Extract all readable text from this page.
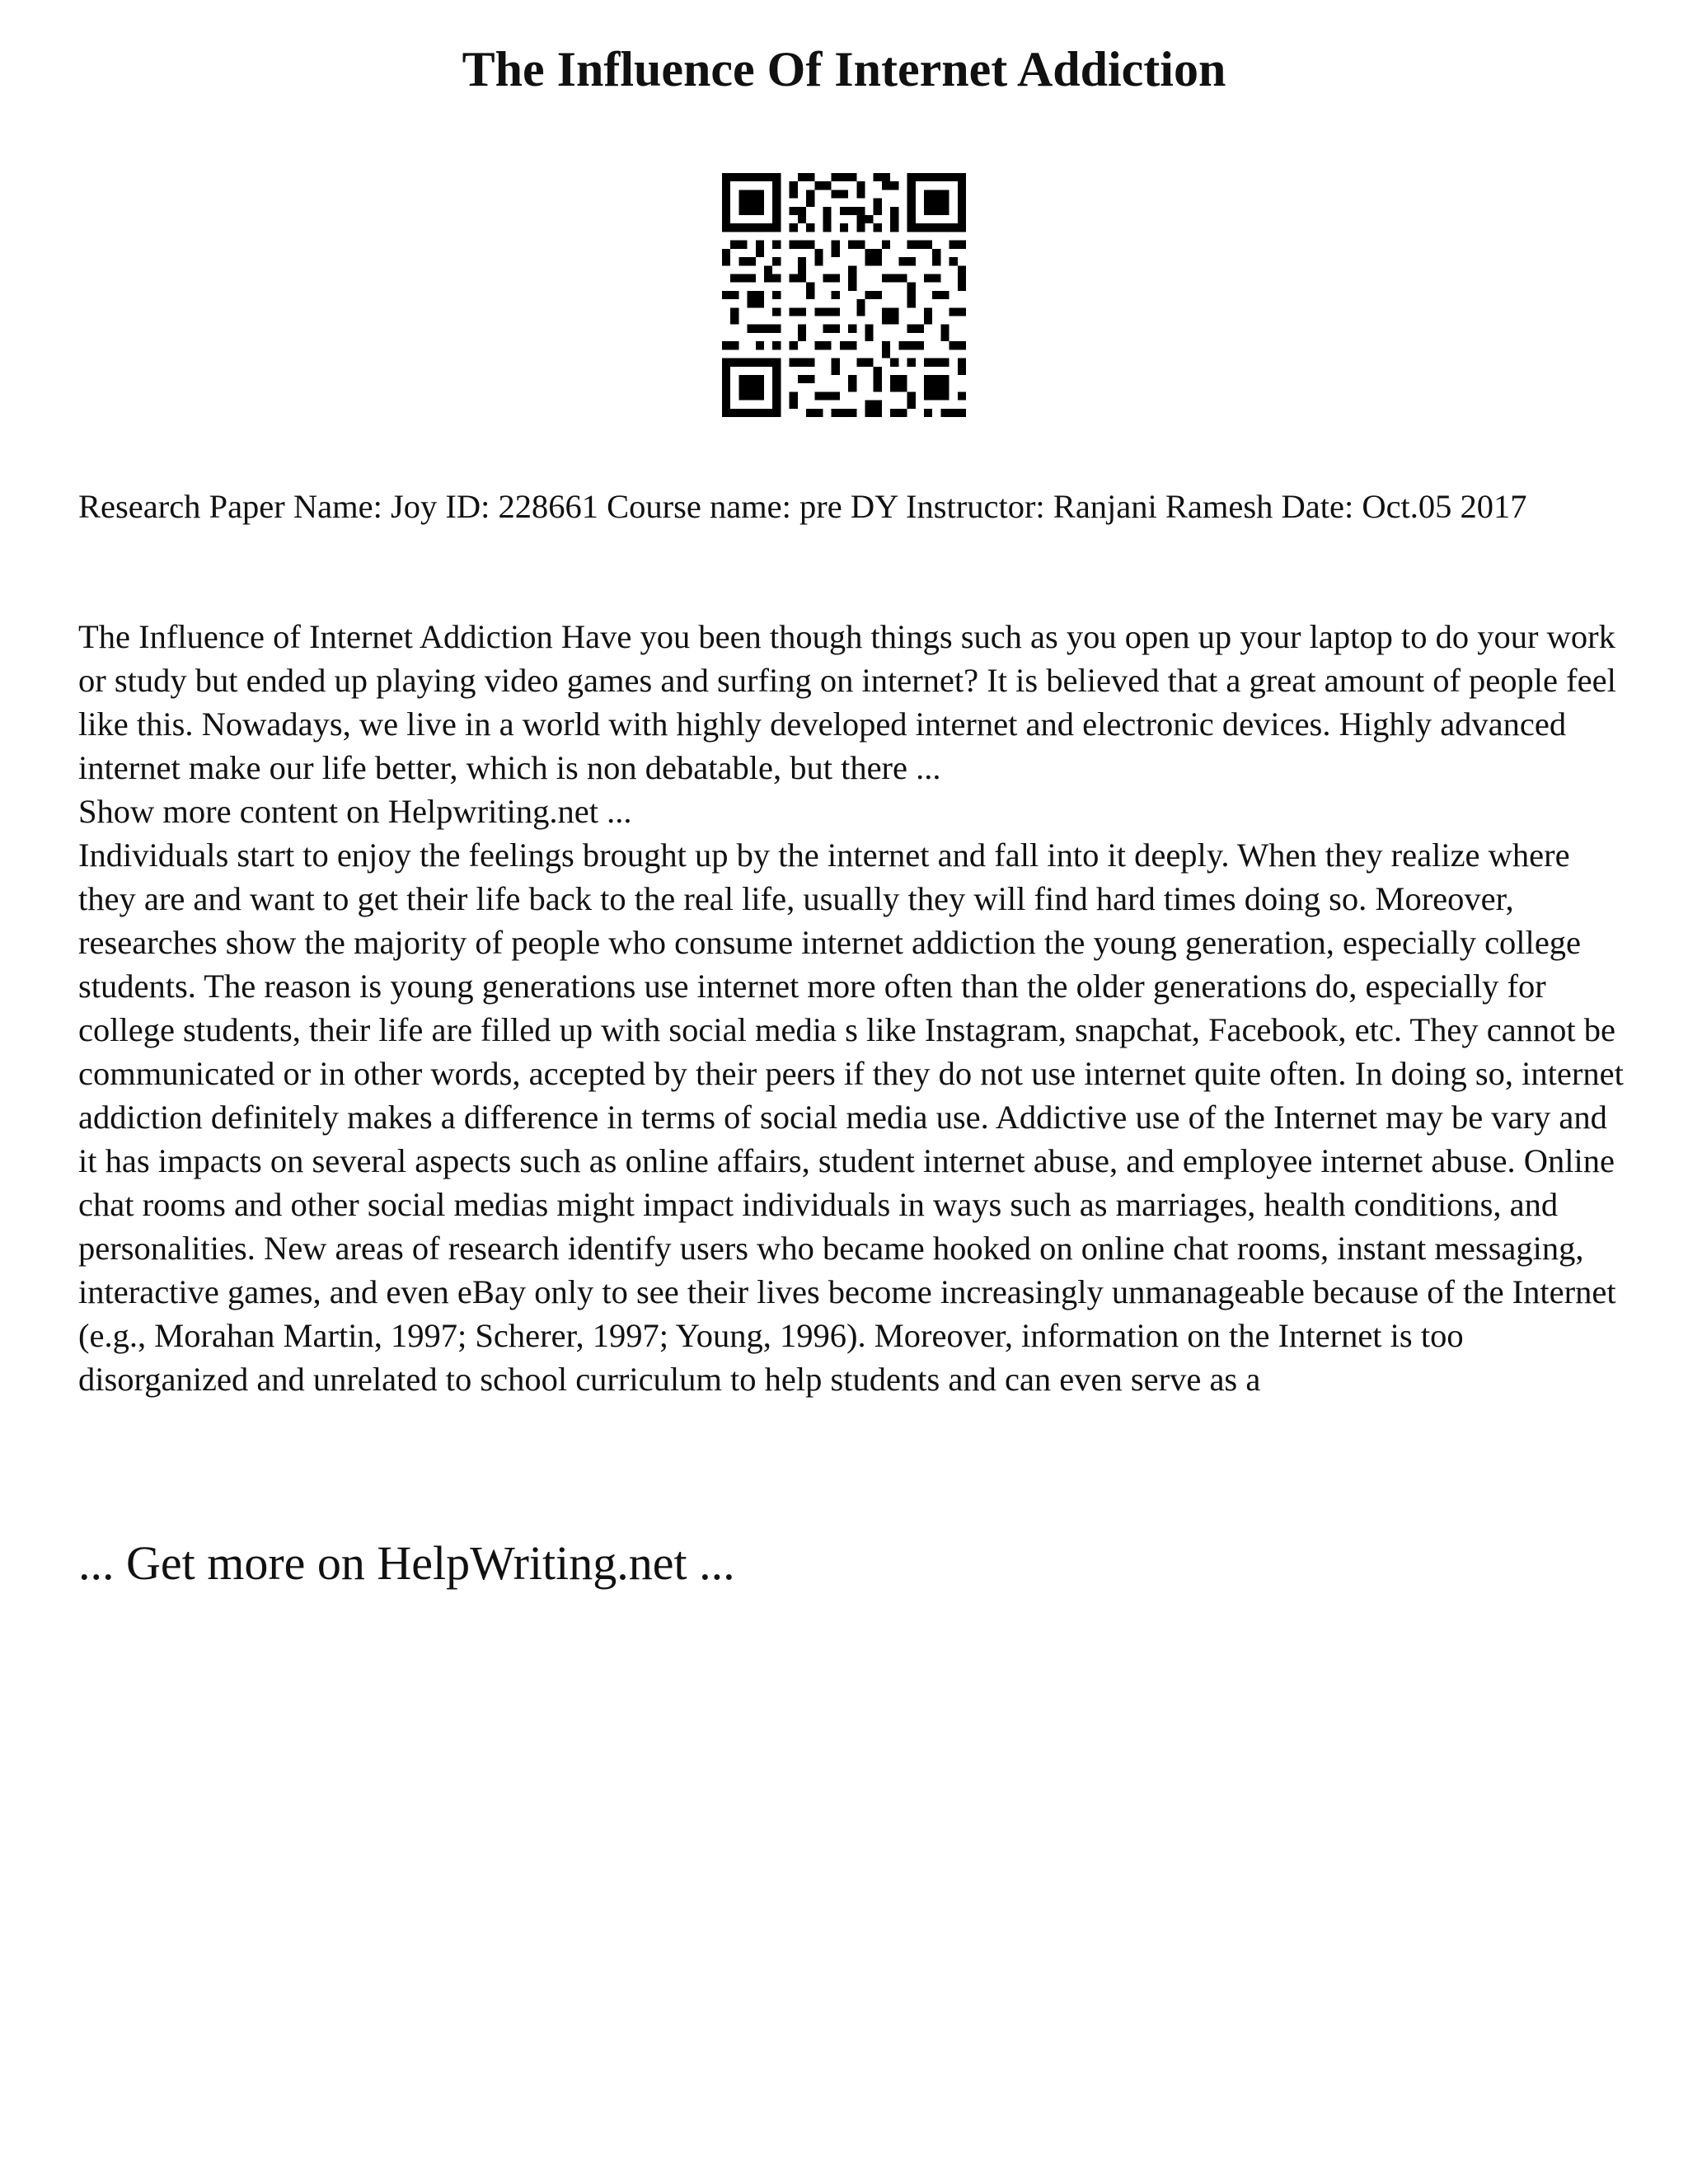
The Influence Of Internet Addiction

Research Paper Name: Joy ID: 228661 Course name: pre DY Instructor: Ranjani Ramesh Date: Oct.05 2017

The Influence of Internet Addiction Have you been though things such as you open up your laptop to do your work or study but ended up playing video games and surfing on internet? It is believed that a great amount of people feel like this. Nowadays, we live in a world with highly developed internet and electronic devices. Highly advanced internet make our life better, which is non debatable, but there ...

Show more content on Helpwriting.net ...

Individuals start to enjoy the feelings brought up by the internet and fall into it deeply. When they realize where they are and want to get their life back to the real life, usually they will find hard times doing so. Moreover, researches show the majority of people who consume internet addiction the young generation, especially college students. The reason is young generations use internet more often than the older generations do, especially for college students, their life are filled up with social media s like Instagram, snapchat, Facebook, etc. They cannot be communicated or in other words, accepted by their peers if they do not use internet quite often. In doing so, internet addiction definitely makes a difference in terms of social media use. Addictive use of the Internet may be vary and it has impacts on several aspects such as online affairs, student internet abuse, and employee internet abuse. Online chat rooms and other social medias might impact individuals in ways such as marriages, health conditions, and personalities. New areas of research identify users who became hooked on online chat rooms, instant messaging, interactive games, and even eBay only to see their lives become increasingly unmanageable because of the Internet (e.g., Morahan Martin, 1997; Scherer, 1997; Young, 1996). Moreover, information on the Internet is too disorganized and unrelated to school curriculum to help students and can even serve as a

... Get more on HelpWriting.net ...
